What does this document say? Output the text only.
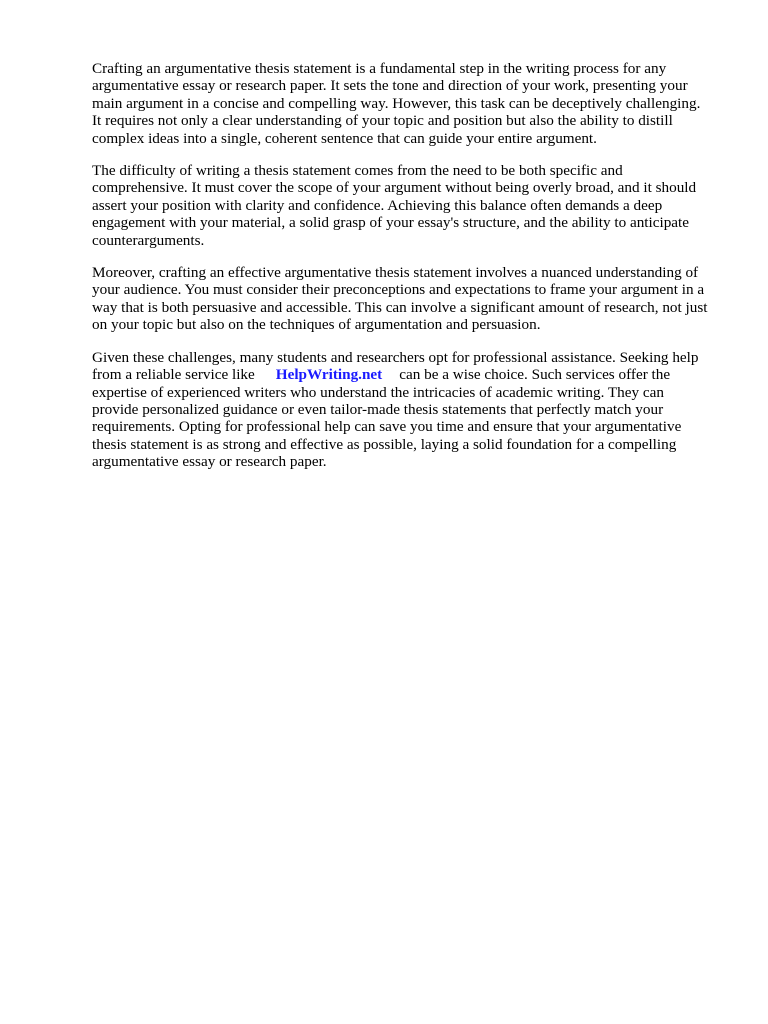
Crafting an argumentative thesis statement is a fundamental step in the writing process for any
argumentative essay or research paper. It sets the tone and direction of your work, presenting your
main argument in a concise and compelling way. However, this task can be deceptively challenging.
It requires not only a clear understanding of your topic and position but also the ability to distill
complex ideas into a single, coherent sentence that can guide your entire argument.

The difficulty of writing a thesis statement comes from the need to be both specific and
comprehensive. It must cover the scope of your argument without being overly broad, and it should
assert your position with clarity and confidence. Achieving this balance often demands a deep
engagement with your material, a solid grasp of your essay's structure, and the ability to anticipate
counterarguments.

Moreover, crafting an effective argumentative thesis statement involves a nuanced understanding of
your audience. You must consider their preconceptions and expectations to frame your argument in a
way that is both persuasive and accessible. This can involve a significant amount of research, not just
on your topic but also on the techniques of argumentation and persuasion.

Given these challenges, many students and researchers opt for professional assistance. Seeking help
from a reliable service like HelpWriting.net can be a wise choice. Such services offer the
expertise of experienced writers who understand the intricacies of academic writing. They can
provide personalized guidance or even tailor-made thesis statements that perfectly match your
requirements. Opting for professional help can save you time and ensure that your argumentative
thesis statement is as strong and effective as possible, laying a solid foundation for a compelling
argumentative essay or research paper.
